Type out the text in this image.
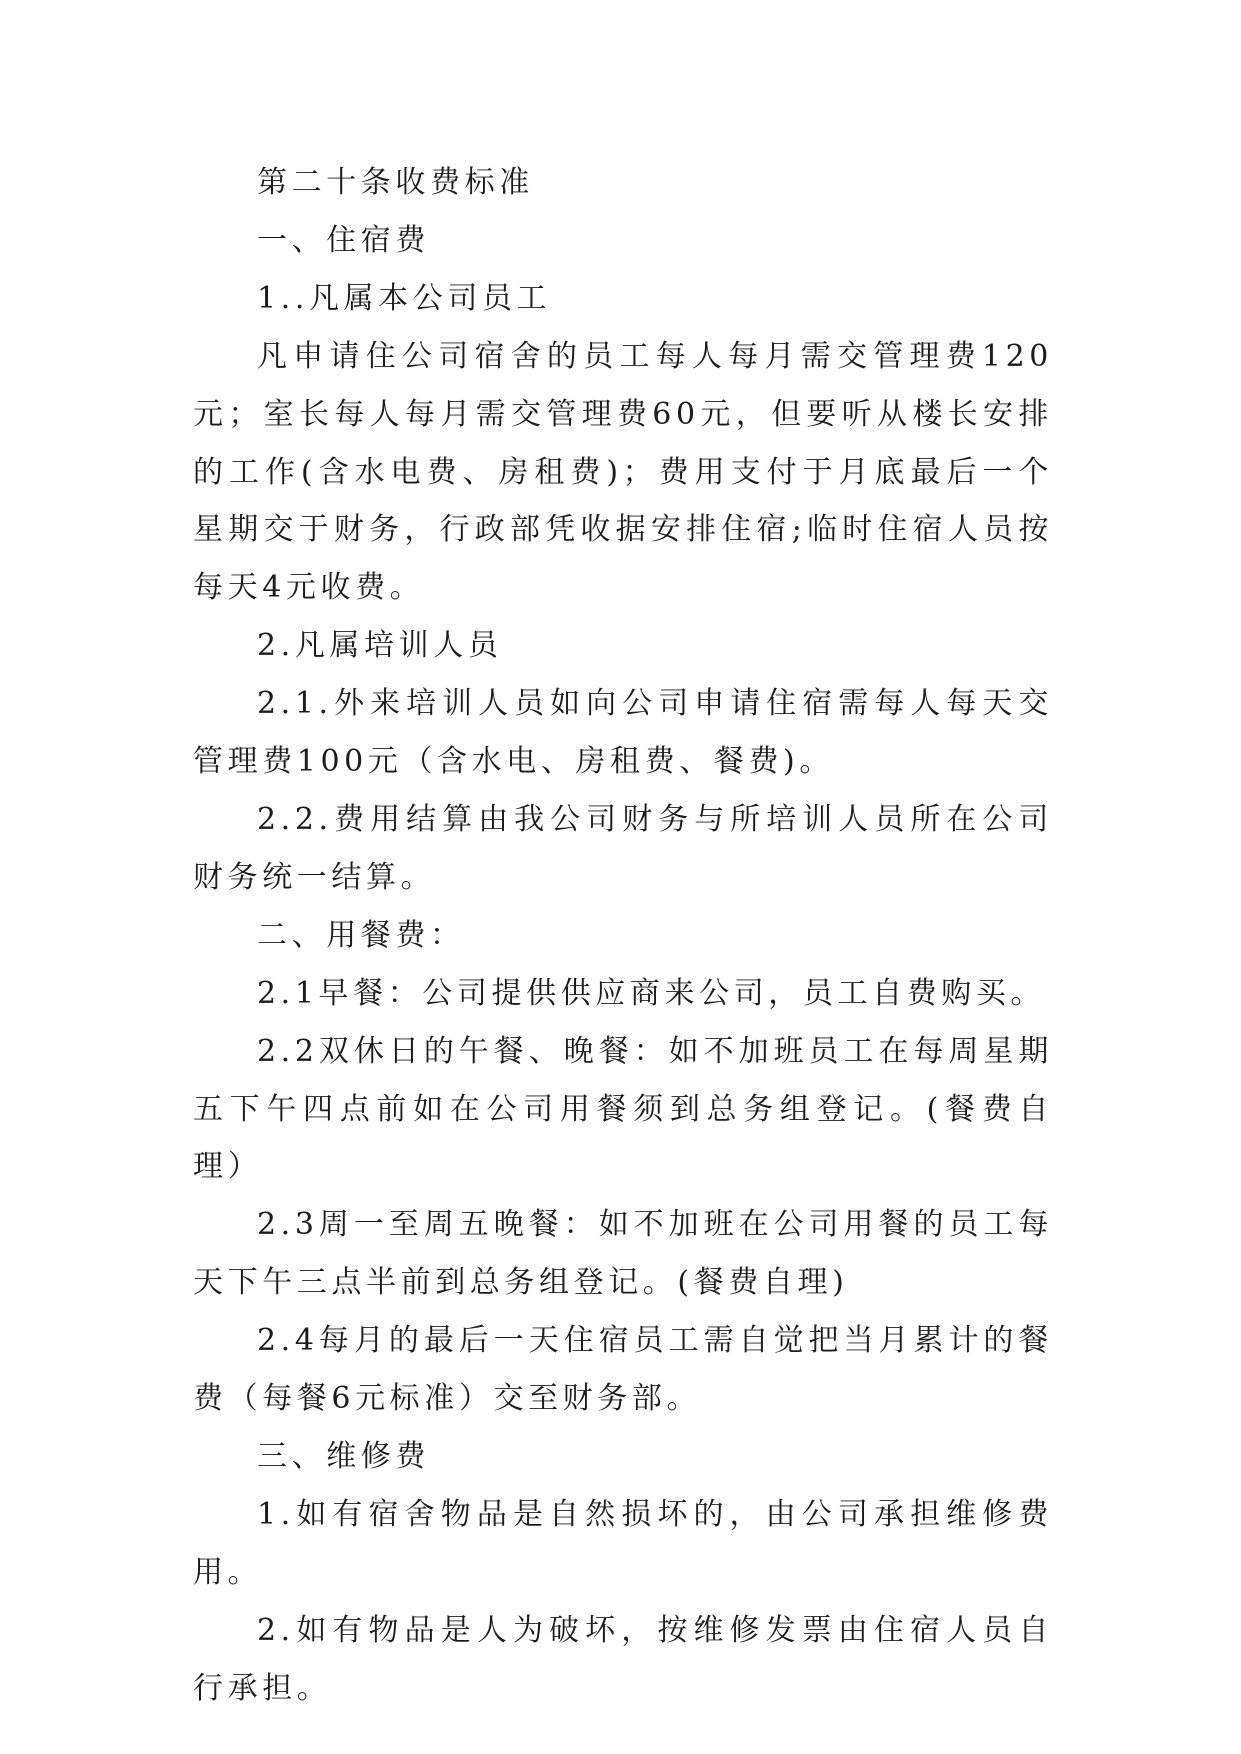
第二十条收费标准

一、住宿费

1..凡属本公司员工

凡申请住公司宿舍的员工每人每月需交管理费120元；室长每人每月需交管理费60元，但要听从楼长安排的工作(含水电费、房租费)；费用支付于月底最后一个星期交于财务，行政部凭收据安排住宿;临时住宿人员按每天4元收费。

2.凡属培训人员

2.1.外来培训人员如向公司申请住宿需每人每天交管理费100元（含水电、房租费、餐费)。

2.2.费用结算由我公司财务与所培训人员所在公司财务统一结算。

二、用餐费：

2.1早餐：公司提供供应商来公司，员工自费购买。

2.2双休日的午餐、晚餐：如不加班员工在每周星期五下午四点前如在公司用餐须到总务组登记。(餐费自理）

2.3周一至周五晚餐：如不加班在公司用餐的员工每天下午三点半前到总务组登记。(餐费自理)

2.4每月的最后一天住宿员工需自觉把当月累计的餐费（每餐6元标准）交至财务部。

三、维修费

1.如有宿舍物品是自然损坏的，由公司承担维修费用。

2.如有物品是人为破坏，按维修发票由住宿人员自行承担。
